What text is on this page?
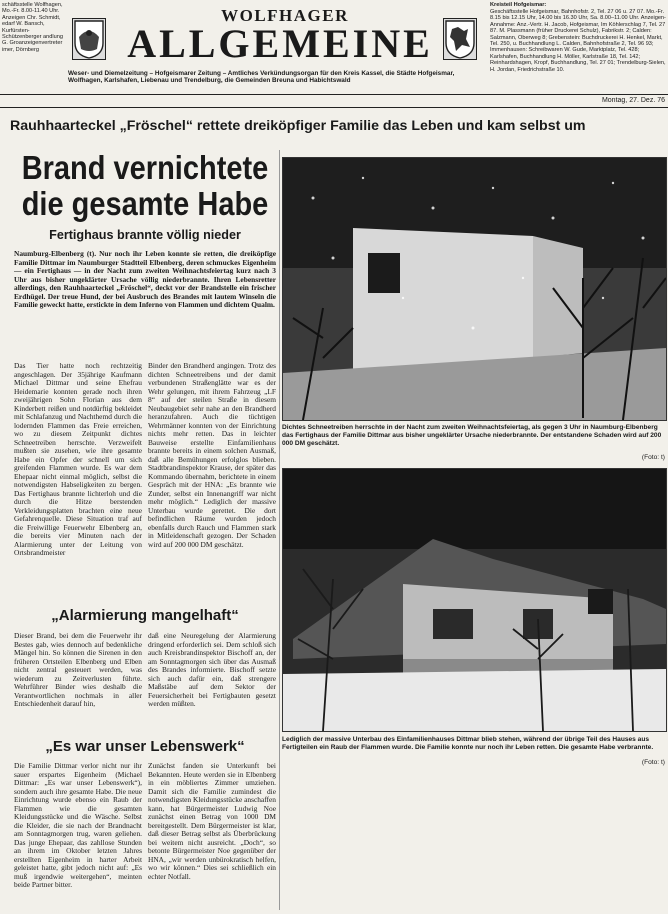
schäftsstelle Wolfhagen, Mo.-Fr. 8.00-11.40 Uhr. Anzeigen Chr. Schmidt, edarf W. Bansch, Kurfürsten-Schützenberger andlung G. Groanzeigenvertreter imer, Dörnberg
WOLFHAGER
ALLGEMEINE
Weser- und Diemelzeitung – Hofgeismarer Zeitung – Amtliches Verkündungsorgan für den Kreis Kassel, die Städte Hofgeismar, Wolfhagen, Karlshafen, Liebenau und Trendelburg, die Gemeinden Breuna und Habichtswald
Kreisteil Hofgeismar:
Geschäftsstelle Hofgeismar, Bahnhofstr. 2, Tel. 27 06 u. 27 07. Mo.-Fr. 8.15 bis 12.15 Uhr, 14.00 bis 16.30 Uhr, Sa. 8.00–11.00 Uhr. Anzeigen-Annahme: Anz.-Vertr. H. Jacob, Hofgeismar, Im Köhlerschlag 7, Tel. 27 87. M. Plassmann (früher Druckerei Schulz), Fabrikstr. 2; Calden: Salzmann, Oberweg 8; Grebenstein: Buchdruckerei H. Henkel, Markt, Tel. 250, u. Buchhandlung L. Calden, Bahnhofstraße 2, Tel. 96 93; Immenhausen: Schreibwaren W. Gude, Marktplatz, Tel. 428; Karlshafen, Buchhandlung H. Möller, Karlstraße 18, Tel. 142; Reinhardshagen, Kropf, Buchhandlung, Tel. 27 01; Trendelburg-Sielen, H. Jordan, Friedrichstraße 10.
Montag, 27. Dez. 76
Rauhhaarteckel „Fröschel“ rettete dreiköpfiger Familie das Leben und kam selbst um
Brand vernichtete
die gesamte Habe
Fertighaus brannte völlig nieder
Naumburg-Elbenberg (t). Nur noch ihr Leben konnte sie retten, die dreiköpfige Familie Dittmar im Naumburger Stadtteil Elbenberg, deren schmuckes Eigenheim — ein Fertighaus — in der Nacht zum zweiten Weihnachtsfeiertag kurz nach 3 Uhr aus bisher ungeklärter Ursache völlig niederbrannte. Ihren Lebensretter allerdings, den Rauhhaarteckel „Fröschel“, deckt vor der Brandstelle ein frischer Erdhügel. Der treue Hund, der bei Ausbruch des Brandes mit lautem Winseln die Familie geweckt hatte, erstickte in dem Inferno von Flammen und dichtem Qualm.
Das Tier hatte noch rechtzeitig angeschlagen. Der 35jährige Kaufmann Michael Dittmar und seine Ehefrau Heidemarie konnten gerade noch ihren zweijährigen Sohn Florian aus dem Kinderbett reißen und notdürftig bekleidet mit Schlafanzug und Nachthemd durch die lodernden Flammen das Freie erreichen, wo zu diesem Zeitpunkt dichtes Schneetreiben herrschte. Verzweifelt mußten sie zusehen, wie ihre gesamte Habe ein Opfer der schnell um sich greifenden Flammen wurde. Es war dem Ehepaar nicht einmal möglich, selbst die notwendigsten Habseligkeiten zu bergen. Das Fertighaus brannte lichterloh und die durch die Hitze berstenden Verkleidungsplatten brachten eine neue Gefahrenquelle. Diese Situation traf auf die Freiwillige Feuerwehr Elbenberg an, die bereits vier Minuten nach der Alarmierung unter der Leitung von Ortsbrandmeister
Binder den Brandherd angingen. Trotz des dichten Schneetreibens und der damit verbundenen Straßenglätte war es der Wehr gelungen, mit ihrem Fahrzeug „LF 8“ auf der steilen Straße in diesem Neubaugebiet sehr nahe an den Brandherd heranzufahren. Auch die tüchtigen Wehrmänner konnten von der Einrichtung nichts mehr retten. Das in leichter Bauweise erstellte Einfamilienhaus brannte bereits in einem solchen Ausmaß, daß alle Bemühungen erfolglos blieben. Stadtbrandinspektor Krause, der später das Kommando übernahm, berichtete in einem Gespräch mit der HNA: „Es brannte wie Zunder, selbst ein Innenangriff war nicht mehr möglich.“ Lediglich der massive Unterbau wurde gerettet. Die dort befindlichen Räume wurden jedoch ebenfalls durch Rauch und Flammen stark in Mitleidenschaft gezogen. Der Schaden wird auf 200 000 DM geschätzt.
„Alarmierung mangelhaft“
Dieser Brand, bei dem die Feuerwehr ihr Bestes gab, wies dennoch auf bedenkliche Mängel hin. So können die Sirenen in den früheren Ortsteilen Elbenberg und Elben nicht zentral gesteuert werden, was wiederum zu Zeitverlusten führte. Wehrführer Binder wies deshalb die Verantwortlichen nochmals in aller Entschiedenheit darauf hin,
daß eine Neuregelung der Alarmierung dringend erforderlich sei. Dem schloß sich auch Kreisbrandinspektor Bischoff an, der am Sonntagmorgen sich über das Ausmaß des Brandes informierte. Bischoff setzte sich auch dafür ein, daß strengere Maßstäbe auf dem Sektor der Feuersicherheit bei Fertigbauten gesetzt werden müßten.
„Es war unser Lebenswerk“
Die Familie Dittmar verlor nicht nur ihr sauer erspartes Eigenheim (Michael Dittmar: „Es war unser Lebenswerk“), sondern auch ihre gesamte Habe. Die neue Einrichtung wurde ebenso ein Raub der Flammen wie die gesamten Kleidungsstücke und die Wäsche. Selbst die Kleider, die sie nach der Brandnacht am Sonntagmorgen trug, waren geliehen. Das junge Ehepaar, das zahllose Stunden an ihrem im Oktober letzten Jahres erstellten Eigenheim in harter Arbeit geleistet hatte, gibt jedoch nicht auf: „Es muß irgendwie weitergehen“, meinten beide Partner bitter.
Zunächst fanden sie Unterkunft bei Bekannten. Heute werden sie in Elbenberg in ein möbliertes Zimmer umziehen. Damit sich die Familie zumindest die notwendigsten Kleidungsstücke anschaffen kann, hat Bürgermeister Ludwig Noe zunächst einen Betrag von 1000 DM bereitgestellt. Dem Bürgermeister ist klar, daß dieser Betrag selbst als Überbrückung bei weitem nicht ausreicht. „Doch“, so betonte Bürgermeister Noe gegenüber der HNA, „wir werden unbürokratisch helfen, wo wir können.“ Dies sei schließlich ein echter Notfall.
Dichtes Schneetreiben herrschte in der Nacht zum zweiten Weihnachtsfeiertag, als gegen 3 Uhr in Naumburg-Elbenberg das Fertighaus der Familie Dittmar aus bisher ungeklärter Ursache niederbrannte. Der entstandene Schaden wird auf 200 000 DM geschätzt.
(Foto: t)
Lediglich der massive Unterbau des Einfamilienhauses Dittmar blieb stehen, während der übrige Teil des Hauses aus Fertigteilen ein Raub der Flammen wurde. Die Familie konnte nur noch ihr Leben retten. Die gesamte Habe verbrannte.
(Foto: t)
